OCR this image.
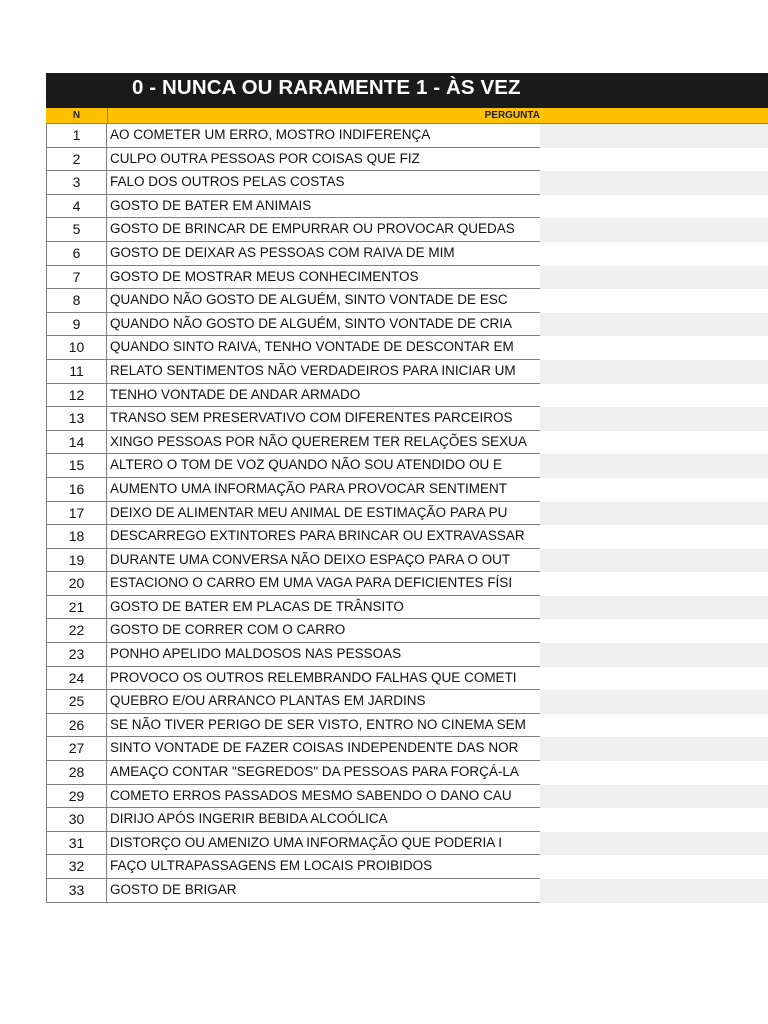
0 - NUNCA OU RARAMENTE 1 - ÀS VEZ
N	PERGUNTA
1	AO COMETER UM ERRO, MOSTRO INDIFERENÇA
2	CULPO OUTRA PESSOAS POR COISAS QUE FIZ
3	FALO DOS OUTROS PELAS COSTAS
4	GOSTO DE BATER EM ANIMAIS
5	GOSTO DE BRINCAR DE EMPURRAR OU PROVOCAR QUEDAS
6	GOSTO DE DEIXAR AS PESSOAS COM RAIVA DE MIM
7	GOSTO DE MOSTRAR MEUS CONHECIMENTOS
8	QUANDO NÃO GOSTO DE ALGUÉM, SINTO VONTADE DE ESC
9	QUANDO NÃO GOSTO DE ALGUÉM, SINTO VONTADE DE CRIA
10	QUANDO SINTO RAIVA, TENHO VONTADE DE DESCONTAR EM
11	RELATO SENTIMENTOS NÃO VERDADEIROS PARA INICIAR UM
12	TENHO VONTADE DE ANDAR ARMADO
13	TRANSO SEM PRESERVATIVO COM DIFERENTES PARCEIROS
14	XINGO PESSOAS POR NÃO QUEREREM TER RELAÇÕES SEXUA
15	ALTERO O TOM DE VOZ QUANDO NÃO SOU ATENDIDO OU E
16	AUMENTO UMA INFORMAÇÃO PARA PROVOCAR SENTIMENT
17	DEIXO DE ALIMENTAR MEU ANIMAL DE ESTIMAÇÃO PARA PU
18	DESCARREGO EXTINTORES PARA BRINCAR OU EXTRAVASSAR
19	DURANTE UMA CONVERSA NÃO DEIXO ESPAÇO PARA O OUT
20	ESTACIONO O CARRO EM UMA VAGA PARA DEFICIENTES FÍSI
21	GOSTO DE BATER EM PLACAS DE TRÂNSITO
22	GOSTO DE CORRER COM O CARRO
23	PONHO APELIDO MALDOSOS NAS PESSOAS
24	PROVOCO OS OUTROS RELEMBRANDO FALHAS QUE COMETI
25	QUEBRO E/OU ARRANCO PLANTAS EM JARDINS
26	SE NÃO TIVER PERIGO DE SER VISTO, ENTRO NO CINEMA SEM
27	SINTO VONTADE DE FAZER COISAS INDEPENDENTE DAS NOR
28	AMEAÇO CONTAR "SEGREDOS" DA PESSOAS PARA FORÇÁ-LA
29	COMETO ERROS PASSADOS MESMO SABENDO O DANO CAU
30	DIRIJO APÓS INGERIR BEBIDA ALCOÓLICA
31	DISTORÇO OU AMENIZO UMA INFORMAÇÃO QUE PODERIA I
32	FAÇO ULTRAPASSAGENS EM LOCAIS PROIBIDOS
33	GOSTO DE BRIGAR
